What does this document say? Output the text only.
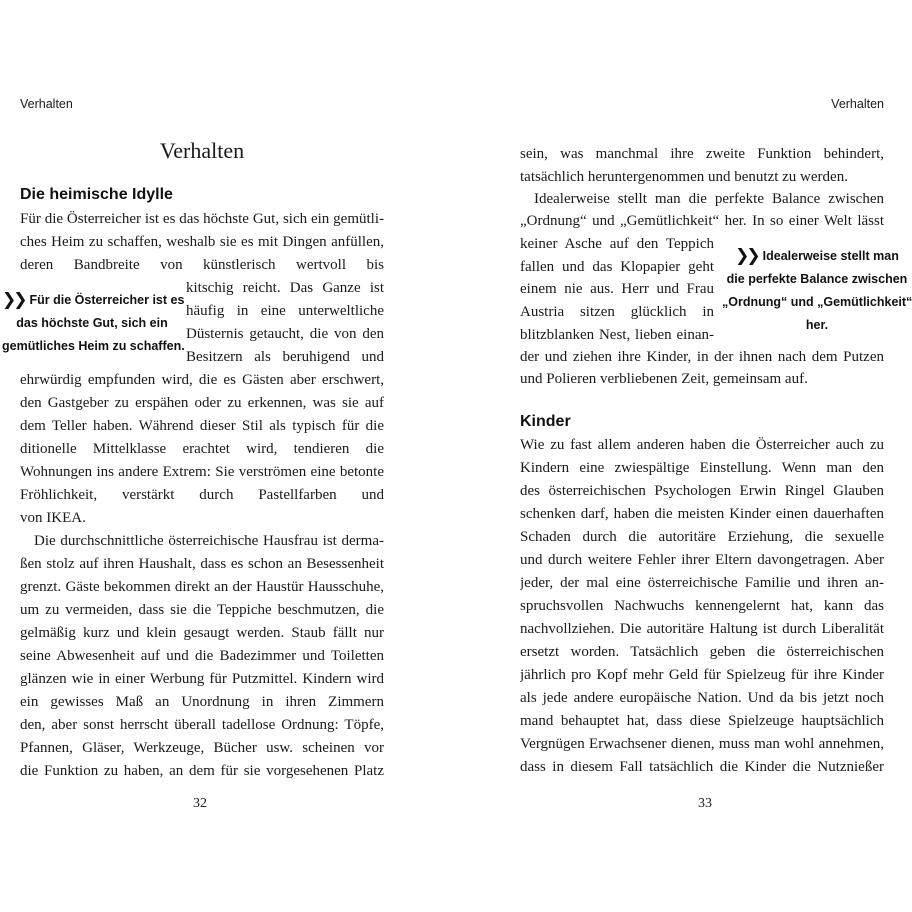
Verhalten
Verhalten
Die heimische Idylle
Für die Österreicher ist es das höchste Gut, sich ein gemütli-
ches Heim zu schaffen, weshalb sie es mit Dingen anfüllen,
deren Bandbreite von künstlerisch wertvoll bis
kitschig reicht. Das Ganze ist
häufig in eine unterweltliche
Düsternis getaucht, die von den
Besitzern als beruhigend und
ehrwürdig empfunden wird, die es Gästen aber erschwert,
den Gastgeber zu erspähen oder zu erkennen, was sie auf
dem Teller haben. Während dieser Stil als typisch für die
ditionelle Mittelklasse erachtet wird, tendieren die
Wohnungen ins andere Extrem: Sie verströmen eine betonte
Fröhlichkeit, verstärkt durch Pastellfarben und
von IKEA.
❯❯ Für die Österreicher ist es
das höchste Gut, sich ein
gemütliches Heim zu schaffen.
Die durchschnittliche österreichische Hausfrau ist derma-
ßen stolz auf ihren Haushalt, dass es schon an Besessenheit
grenzt. Gäste bekommen direkt an der Haustür Hausschuhe,
um zu vermeiden, dass sie die Teppiche beschmutzen, die
gelmäßig kurz und klein gesaugt werden. Staub fällt nur
seine Abwesenheit auf und die Badezimmer und Toiletten
glänzen wie in einer Werbung für Putzmittel. Kindern wird
ein gewisses Maß an Unordnung in ihren Zimmern
den, aber sonst herrscht überall tadellose Ordnung: Töpfe,
Pfannen, Gläser, Werkzeuge, Bücher usw. scheinen vor
die Funktion zu haben, an dem für sie vorgesehenen Platz
32
Verhalten
sein, was manchmal ihre zweite Funktion behindert,
tatsächlich heruntergenommen und benutzt zu werden.
Idealerweise stellt man die perfekte Balance zwischen
„Ordnung“ und „Gemütlichkeit“ her. In so einer Welt lässt
keiner Asche auf den Teppich
fallen und das Klopapier geht
einem nie aus. Herr und Frau
Austria sitzen glücklich in
blitzblanken Nest, lieben einan-
der und ziehen ihre Kinder, in der ihnen nach dem Putzen
und Polieren verbliebenen Zeit, gemeinsam auf.
❯❯ Idealerweise stellt man
die perfekte Balance zwischen
„Ordnung“ und „Gemütlichkeit“
her.
Kinder
Wie zu fast allem anderen haben die Österreicher auch zu
Kindern eine zwiespältige Einstellung. Wenn man den
des österreichischen Psychologen Erwin Ringel Glauben
schenken darf, haben die meisten Kinder einen dauerhaften
Schaden durch die autoritäre Erziehung, die sexuelle
und durch weitere Fehler ihrer Eltern davongetragen. Aber
jeder, der mal eine österreichische Familie und ihren an-
spruchsvollen Nachwuchs kennengelernt hat, kann das
nachvollziehen. Die autoritäre Haltung ist durch Liberalität
ersetzt worden. Tatsächlich geben die österreichischen
jährlich pro Kopf mehr Geld für Spielzeug für ihre Kinder
als jede andere europäische Nation. Und da bis jetzt noch
mand behauptet hat, dass diese Spielzeuge hauptsächlich
Vergnügen Erwachsener dienen, muss man wohl annehmen,
dass in diesem Fall tatsächlich die Kinder die Nutznießer
33
